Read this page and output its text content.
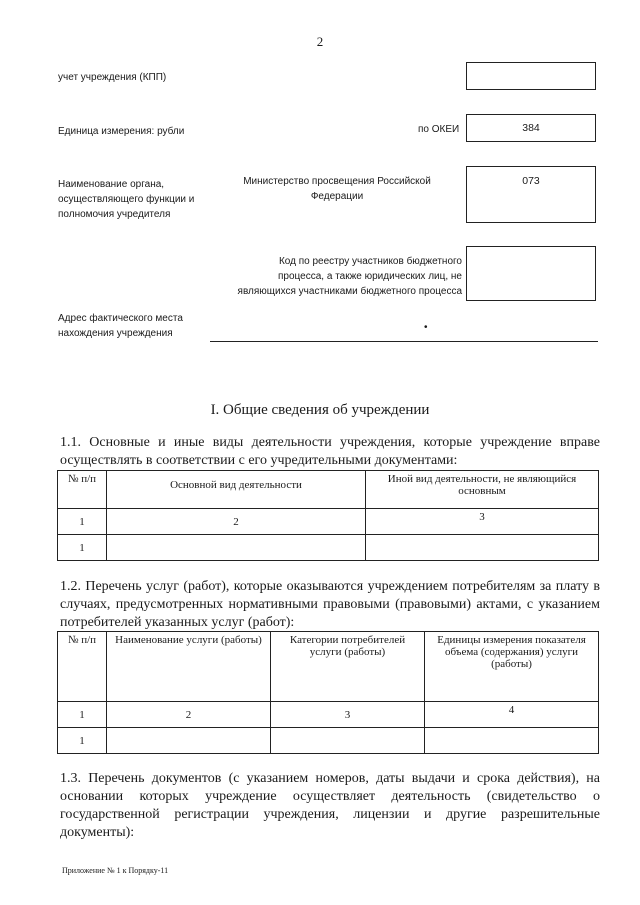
2
учет учреждения (КПП)
Единица измерения: рубли	по ОКЕИ	384
Наименование органа,
осуществляющего функции и
полномочия учредителя
Министерство просвещения Российской
Федерации
073
Код по реестру участников бюджетного
процесса, а также юридических лиц, не
являющихся участниками бюджетного процесса
Адрес фактического места
нахождения учреждения
•
I. Общие сведения об учреждении
1.1. Основные и иные виды деятельности учреждения, которые учреждение вправе осуществлять в соответствии с его учредительными документами:
№ п/п	Основной вид деятельности	Иной вид деятельности, не являющийся основным
1	2	3
1		
1.2. Перечень услуг (работ), которые оказываются учреждением потребителям за плату в случаях, предусмотренных нормативными правовыми (правовыми) актами, с указанием потребителей указанных услуг (работ):
№ п/п	Наименование услуги (работы)	Категории потребителей услуги (работы)	Единицы измерения показателя объема (содержания) услуги (работы)
1	2	3	4
1			
1.3. Перечень документов (с указанием номеров, даты выдачи и срока действия), на основании которых учреждение осуществляет деятельность (свидетельство о государственной регистрации учреждения, лицензии и другие разрешительные документы):
Приложение № 1 к Порядку-11
